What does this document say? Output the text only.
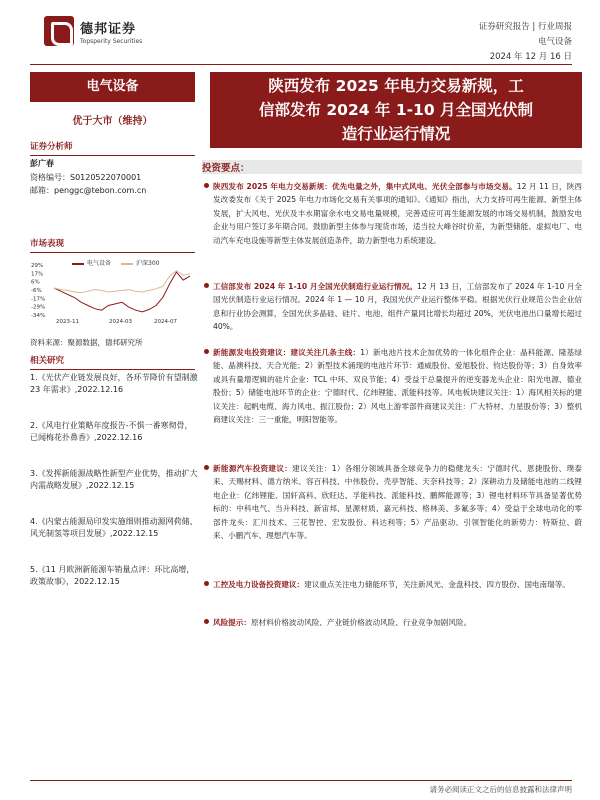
德邦证券
Topsperity Securities
证券研究报告 | 行业周报
电气设备
2024 年 12 月 16 日
电气设备
优于大市（维持）
证券分析师
彭广春
资格编号：S0120522070001
邮箱：penggc@tebon.com.cn
市场表现
电气设备	沪深300
29%
17%
6%
-6%
-17%
-29%
-34%
2023-11	2024-03	2024-07
资料来源：聚源数据，德邦研究所
相关研究
1.《光伏产业链发展良好，各环节降价有望制激 23 年需求》,2022.12.16
2.《风电行业策略年度报告-不惧一番寒彻骨，已闻梅花扑鼻香》,2022.12.16
3.《发挥新能源战略性新型产业优势，推动扩大内需战略发展》,2022.12.15
4.《内蒙古能源局印发实施细则推动源网荷储、风光制氢等项目发展》,2022.12.15
5.《11 月欧洲新能源车销量点评：环比高增，政策故事》，2022.12.15
陕西发布 2025 年电力交易新规，工
信部发布 2024 年 1-10 月全国光伏制
造行业运行情况
投资要点：
陕西发布 2025 年电力交易新规：优先电量之外，集中式风电、光伏全部参与市场交易。12 月 11 日，陕西发改委发布《关于 2025 年电力市场化交易有关事项的通知》。《通知》指出，大力支持可再生能源、新型主体发展，扩大风电、光伏及丰水期富余水电交易电量规模，完善适应可再生能源发展的市场交易机制，鼓励发电企业与用户签订多年期合同。鼓励新型主体参与现货市场，适当拉大峰谷时价差，为新型储能、虚拟电厂、电动汽车充电设施等新型主体发展创造条件，助力新型电力系统建设。
工信部发布 2024 年 1-10 月全国光伏制造行业运行情况。12 月 13 日，工信部发布了 2024 年 1-10 月全国光伏制造行业运行情况。2024 年 1 — 10 月，我国光伏产业运行整体平稳。根据光伏行业规范公告企业信息和行业协会测算，全国光伏多晶硅、硅片、电池、组件产量同比增长均超过 20%，光伏电池出口量增长超过 40%。
新能源发电投资建议：建议关注几条主线：1）新电池片技术企加优势的一体化组件企业：晶科能源、隆基绿能、晶澳科技、天合光能；2）新型技术涌现的电池片环节：通威股份、爱旭股份、钧达股份等；3）自身效率或具有量增逻辑的硅片企业：TCL 中环、双良节能；4）受益于总量提升的逆变器龙头企业：阳光电源、德业股份；5）储能电池环节的企业：宁德时代、亿纬锂能、派能科技等。风电板块建议关注：1）海风相关标的建议关注：起帆电缆、海力风电、振江股份；2）风电上游零部件商建议关注：广大特材、力星股份等；3）整机商建议关注：三一重能，明阳智能等。
新能源汽车投资建议：建议关注：1）各细分领域具备全球竞争力的稳健龙头：宁德时代、恩捷股份、璞泰来、天赐材料、德方纳米、容百科技、中伟股份、壳亭智能、天奈科技等；2）深耕动力及储能电池的二线锂电企业：亿纬锂能、国轩高科、欣旺达、孚能科技、派能科技、鹏辉能源等；3）锂电材料环节具备显著优势标的：中科电气、当升科技、新宙邦、星源材质、嘉元科技、格林美、多氟多等；4）受益于全球电动化的零部件龙头：汇川技术、三花智控、宏发股份、科达利等；5）产品驱动、引领智能化的新势力：特斯拉、蔚来、小鹏汽车、理想汽车等。
工控及电力设备投资建议：建议重点关注电力储能环节，关注新风光、金盘科技、四方股份、国电南瑞等。
风险提示：原材料价格波动风险、产业链价格波动风险、行业竞争加剧风险。
请务必阅读正文之后的信息披露和法律声明
